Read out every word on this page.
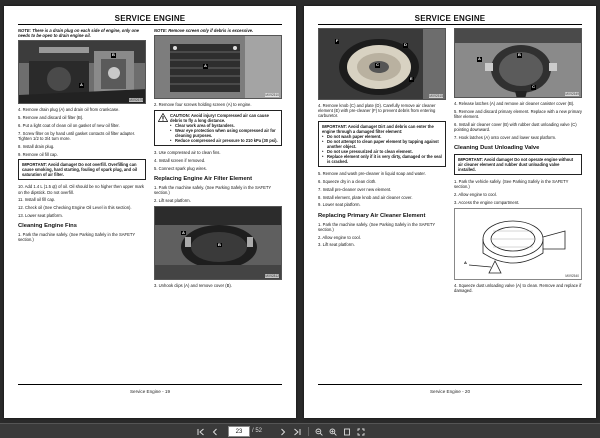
SERVICE ENGINE
NOTE: There is a drain plug on each side of engine, only one needs to be open to drain engine oil.
B
A
MX92679

4. Remove drain plug (A) and drain oil from crankcase.

5. Remove and discard oil filter (B).

6. Put a light coat of clean oil on gasket of new oil filter.

7. Screw filter on by hand until gasket contacts oil filter adapter. Tighten 1/2 to 3/4 turn more.

8. Install drain plug.

9. Remove oil fill cap.

IMPORTANT: Avoid damage! Do not overfill. Overfilling can cause smoking, hard starting, fouling of spark plug, and oil saturation of air filter.

10. Add 1.4 L (1.5 qt) of oil. Oil should be no higher then upper mark on the dipstick. Do not overfill.

11. Install oil fill cap.

12. Check oil (See Checking Engine Oil Level in this section).

13. Lower seat platform.

Cleaning Engine Fins

1. Park the machine safely. (See Parking Safely in the SAFETY section.)

NOTE: Remove screen only if debris is excessive.
A
MX92510

2. Remove four screws holding screen (A) to engine.

CAUTION: Avoid injury! Compressed air can cause debris to fly a long distance.

• Clear work area of bystanders.
• Wear eye protection when using compressed air for cleaning purposes.
• Reduce compressed air pressure to 210 kPa (30 psi).

3. Use compressed air to clean fins.

4. Install screen if removed.

5. Connect spark plug wires.

Replacing Engine Air Filter Element

1. Park the machine safely. (See Parking Safely in the SAFETY section.)

2. Lift seat platform.

A
B
MX92812

3. Unhook clips (A) and remove cover (B).

Service Engine - 19
SERVICE ENGINE
F
C
D
E
MX92515

4. Remove knob (C) and plate (D). Carefully remove air cleaner element (E) with pre-cleaner (F) to prevent debris from entering carburetor.

IMPORTANT: Avoid damage! Dirt and debris can enter the engine through a damaged filter element:

• Do not wash paper element.
• Do not attempt to clean paper element by tapping against another object.
• Do not use pressurized air to clean element.
• Replace element only if it is very dirty, damaged or the seal is cracked.

5. Remove and wash pre-cleaner in liquid soap and water.

6. Squeeze dry in a clean cloth.

7. Install pre-cleaner over new element.

8. Install element, plate knob and air cleaner cover.

9. Lower seat platform.

Replacing Primary Air Cleaner Element

1. Park the machine safely. (See Parking Safely in the SAFETY section.)

2. Allow engine to cool.

3. Lift seat platform.

A
B
C
MX92549

4. Release latches (A) and remove air cleaner canister cover (B).

5. Remove and discard primary element. Replace with a new primary filter element.

6. Install air cleaner cover (B) with rubber dust unloading valve (C) pointing downward.

7. Hook latches (A) onto cover and lower seat platform.

Cleaning Dust Unloading Valve

IMPORTANT: Avoid damage! Do not operate engine without air cleaner element and rubber dust unloading valve installed.

1. Park the vehicle safely. (See Parking Safely in the SAFETY section.)

2. Allow engine to cool.

3. Access the engine compartment.

A
MX92540

4. Squeeze dust unloading valve (A) to clean. Remove and replace if damaged.

Service Engine - 20
23	/ 52
